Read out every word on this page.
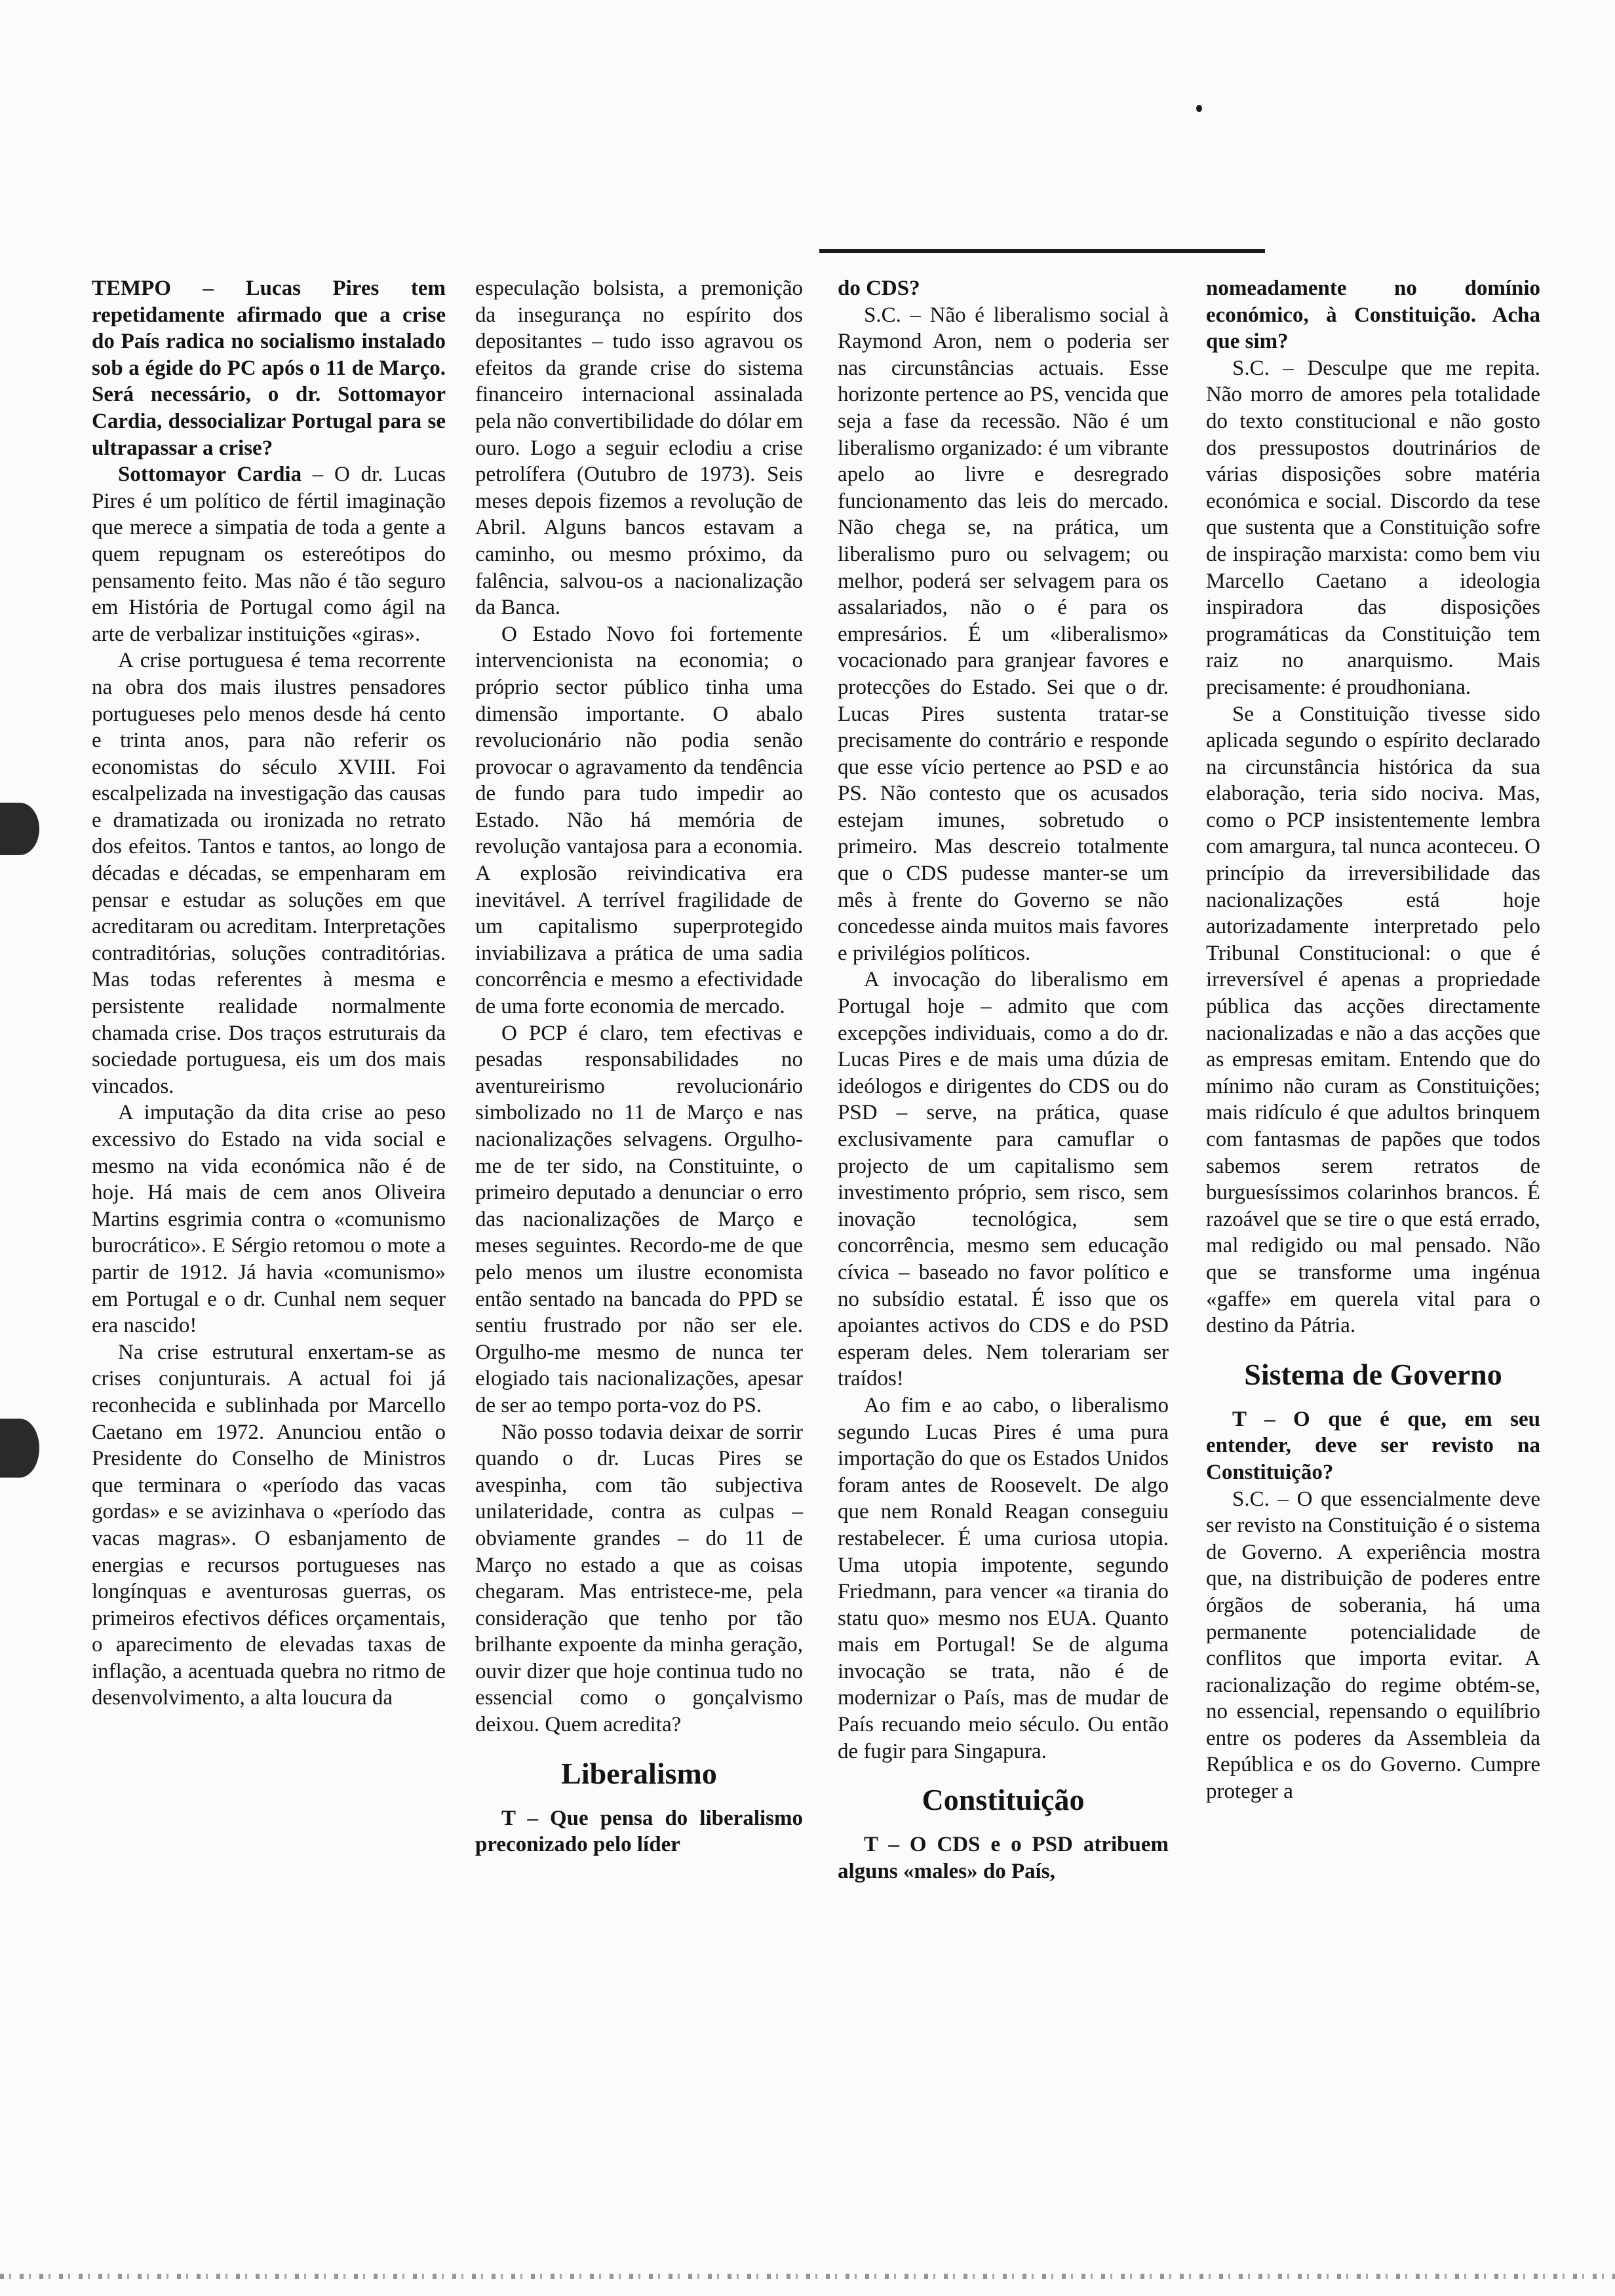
TEMPO – Lucas Pires tem repetidamente afirmado que a crise do País radica no socialismo instalado sob a égide do PC após o 11 de Março. Será necessário, o dr. Sottomayor Cardia, dessocializar Portugal para se ultrapassar a crise?

Sottomayor Cardia – O dr. Lucas Pires é um político de fértil imaginação que merece a simpatia de toda a gente a quem repugnam os estereótipos do pensamento feito. Mas não é tão seguro em História de Portugal como ágil na arte de verbalizar instituições «giras».

A crise portuguesa é tema recorrente na obra dos mais ilustres pensadores portugueses pelo menos desde há cento e trinta anos, para não referir os economistas do século XVIII. Foi escalpelizada na investigação das causas e dramatizada ou ironizada no retrato dos efeitos. Tantos e tantos, ao longo de décadas e décadas, se empenharam em pensar e estudar as soluções em que acreditaram ou acreditam. Interpretações contraditórias, soluções contraditórias. Mas todas referentes à mesma e persistente realidade normalmente chamada crise. Dos traços estruturais da sociedade portuguesa, eis um dos mais vincados.

A imputação da dita crise ao peso excessivo do Estado na vida social e mesmo na vida económica não é de hoje. Há mais de cem anos Oliveira Martins esgrimia contra o «comunismo burocrático». E Sérgio retomou o mote a partir de 1912. Já havia «comunismo» em Portugal e o dr. Cunhal nem sequer era nascido!

Na crise estrutural enxertam-se as crises conjunturais. A actual foi já reconhecida e sublinhada por Marcello Caetano em 1972. Anunciou então o Presidente do Conselho de Ministros que terminara o «período das vacas gordas» e se avizinhava o «período das vacas magras». O esbanjamento de energias e recursos portugueses nas longínquas e aventurosas guerras, os primeiros efectivos défices orçamentais, o aparecimento de elevadas taxas de inflação, a acentuada quebra no ritmo de desenvolvimento, a alta loucura da

especulação bolsista, a premonição da insegurança no espírito dos depositantes – tudo isso agravou os efeitos da grande crise do sistema financeiro internacional assinalada pela não convertibilidade do dólar em ouro. Logo a seguir eclodiu a crise petrolífera (Outubro de 1973). Seis meses depois fizemos a revolução de Abril. Alguns bancos estavam a caminho, ou mesmo próximo, da falência, salvou-os a nacionalização da Banca.

O Estado Novo foi fortemente intervencionista na economia; o próprio sector público tinha uma dimensão importante. O abalo revolucionário não podia senão provocar o agravamento da tendência de fundo para tudo impedir ao Estado. Não há memória de revolução vantajosa para a economia. A explosão reivindicativa era inevitável. A terrível fragilidade de um capitalismo superprotegido inviabilizava a prática de uma sadia concorrência e mesmo a efectividade de uma forte economia de mercado.

O PCP é claro, tem efectivas e pesadas responsabilidades no aventureirismo revolucionário simbolizado no 11 de Março e nas nacionalizações selvagens. Orgulho-me de ter sido, na Constituinte, o primeiro deputado a denunciar o erro das nacionalizações de Março e meses seguintes. Recordo-me de que pelo menos um ilustre economista então sentado na bancada do PPD se sentiu frustrado por não ser ele. Orgulho-me mesmo de nunca ter elogiado tais nacionalizações, apesar de ser ao tempo porta-voz do PS.

Não posso todavia deixar de sorrir quando o dr. Lucas Pires se avespinha, com tão subjectiva unilateridade, contra as culpas – obviamente grandes – do 11 de Março no estado a que as coisas chegaram. Mas entristece-me, pela consideração que tenho por tão brilhante expoente da minha geração, ouvir dizer que hoje continua tudo no essencial como o gonçalvismo deixou. Quem acredita?

Liberalismo

T – Que pensa do liberalismo preconizado pelo líder

do CDS?

S.C. – Não é liberalismo social à Raymond Aron, nem o poderia ser nas circunstâncias actuais. Esse horizonte pertence ao PS, vencida que seja a fase da recessão. Não é um liberalismo organizado: é um vibrante apelo ao livre e desregrado funcionamento das leis do mercado. Não chega se, na prática, um liberalismo puro ou selvagem; ou melhor, poderá ser selvagem para os assalariados, não o é para os empresários. É um «liberalismo» vocacionado para granjear favores e protecções do Estado. Sei que o dr. Lucas Pires sustenta tratar-se precisamente do contrário e responde que esse vício pertence ao PSD e ao PS. Não contesto que os acusados estejam imunes, sobretudo o primeiro. Mas descreio totalmente que o CDS pudesse manter-se um mês à frente do Governo se não concedesse ainda muitos mais favores e privilégios políticos.

A invocação do liberalismo em Portugal hoje – admito que com excepções individuais, como a do dr. Lucas Pires e de mais uma dúzia de ideólogos e dirigentes do CDS ou do PSD – serve, na prática, quase exclusivamente para camuflar o projecto de um capitalismo sem investimento próprio, sem risco, sem inovação tecnológica, sem concorrência, mesmo sem educação cívica – baseado no favor político e no subsídio estatal. É isso que os apoiantes activos do CDS e do PSD esperam deles. Nem tolerariam ser traídos!

Ao fim e ao cabo, o liberalismo segundo Lucas Pires é uma pura importação do que os Estados Unidos foram antes de Roosevelt. De algo que nem Ronald Reagan conseguiu restabelecer. É uma curiosa utopia. Uma utopia impotente, segundo Friedmann, para vencer «a tirania do statu quo» mesmo nos EUA. Quanto mais em Portugal! Se de alguma invocação se trata, não é de modernizar o País, mas de mudar de País recuando meio século. Ou então de fugir para Singapura.

Constituição

T – O CDS e o PSD atribuem alguns «males» do País,

nomeadamente no domínio económico, à Constituição. Acha que sim?

S.C. – Desculpe que me repita. Não morro de amores pela totalidade do texto constitucional e não gosto dos pressupostos doutrinários de várias disposições sobre matéria económica e social. Discordo da tese que sustenta que a Constituição sofre de inspiração marxista: como bem viu Marcello Caetano a ideologia inspiradora das disposições programáticas da Constituição tem raiz no anarquismo. Mais precisamente: é proudhoniana.

Se a Constituição tivesse sido aplicada segundo o espírito declarado na circunstância histórica da sua elaboração, teria sido nociva. Mas, como o PCP insistentemente lembra com amargura, tal nunca aconteceu. O princípio da irreversibilidade das nacionalizações está hoje autorizadamente interpretado pelo Tribunal Constitucional: o que é irreversível é apenas a propriedade pública das acções directamente nacionalizadas e não a das acções que as empresas emitam. Entendo que do mínimo não curam as Constituições; mais ridículo é que adultos brinquem com fantasmas de papões que todos sabemos serem retratos de burguesíssimos colarinhos brancos. É razoável que se tire o que está errado, mal redigido ou mal pensado. Não que se transforme uma ingénua «gaffe» em querela vital para o destino da Pátria.

Sistema de Governo

T – O que é que, em seu entender, deve ser revisto na Constituição?

S.C. – O que essencialmente deve ser revisto na Constituição é o sistema de Governo. A experiência mostra que, na distribuição de poderes entre órgãos de soberania, há uma permanente potencialidade de conflitos que importa evitar. A racionalização do regime obtém-se, no essencial, repensando o equilíbrio entre os poderes da Assembleia da República e os do Governo. Cumpre proteger a
